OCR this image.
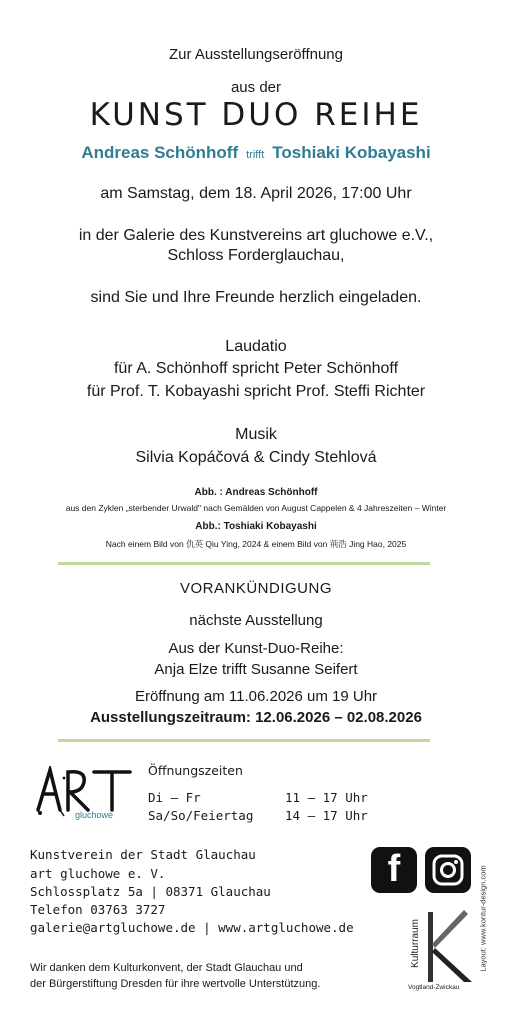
Zur Ausstellungseröffnung
aus der
KUNST DUO REIHE
Andreas Schönhoff trifft Toshiaki Kobayashi
am Samstag, dem 18. April 2026, 17:00 Uhr
in der Galerie des Kunstvereins art gluchowe e.V.,
Schloss Forderglauchau,
sind Sie und Ihre Freunde herzlich eingeladen.
Laudatio
für A. Schönhoff spricht Peter Schönhoff
für Prof. T. Kobayashi spricht Prof. Steffi Richter
Musik
Silvia Kopáčová & Cindy Stehlová
Abb. : Andreas Schönhoff
aus den Zyklen „sterbender Urwald" nach Gemälden von August Cappelen & 4 Jahreszeiten – Winter
Abb.: Toshiaki Kobayashi
Nach einem Bild von 仇英 Qiu Ying, 2024 & einem Bild von 荊浩 Jing Hao, 2025
VORANKÜNDIGUNG
nächste Ausstellung
Aus der Kunst-Duo-Reihe:
Anja Elze trifft Susanne Seifert
Eröffnung am 11.06.2026 um 19 Uhr
Ausstellungszeitraum: 12.06.2026 – 02.08.2026
gluchowe
Öffnungszeiten
Di – Fr	11 – 17 Uhr
Sa/So/Feiertag	14 – 17 Uhr
Kunstverein der Stadt Glauchau
art gluchowe e. V.
Schlossplatz 5a | 08371 Glauchau
Telefon 03763 3727
galerie@artgluchowe.de | www.artgluchowe.de
Wir danken dem Kulturkonvent, der Stadt Glauchau und
der Bürgerstiftung Dresden für ihre wertvolle Unterstützung.
f
Kulturraum
Vogtland-Zwickau
Layout: www.kontur-design.com
